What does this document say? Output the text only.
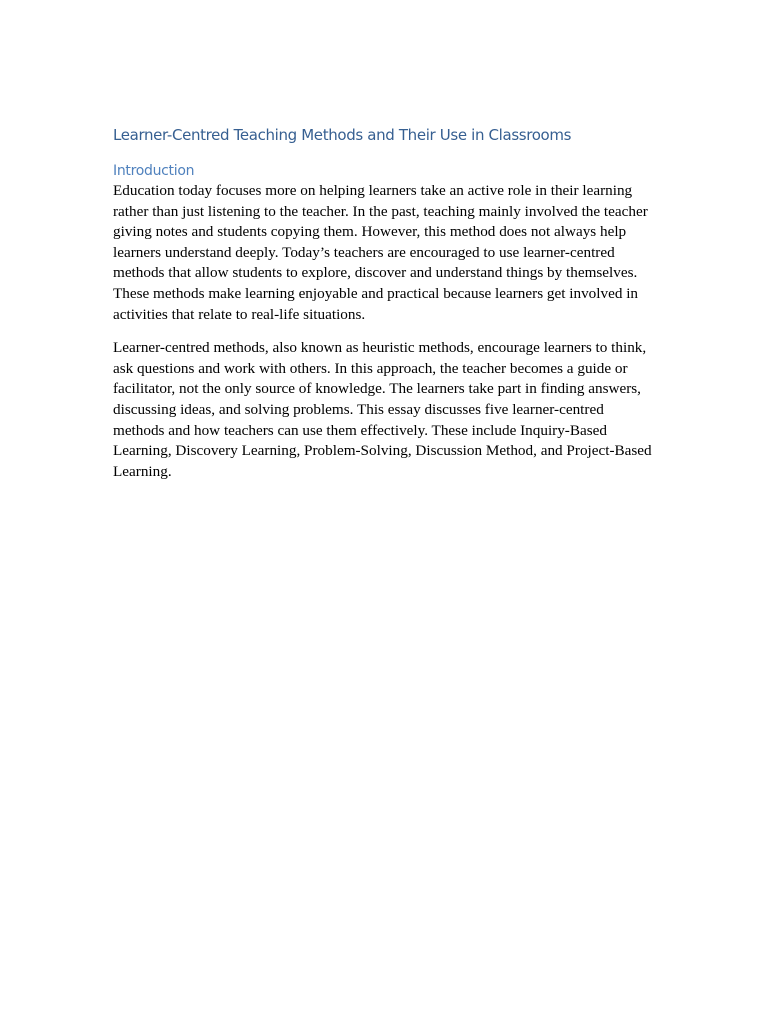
Learner-Centred Teaching Methods and Their Use in Classrooms
Introduction

Education today focuses more on helping learners take an active role in their learning rather than just listening to the teacher. In the past, teaching mainly involved the teacher giving notes and students copying them. However, this method does not always help learners understand deeply. Today’s teachers are encouraged to use learner-centred methods that allow students to explore, discover and understand things by themselves. These methods make learning enjoyable and practical because learners get involved in activities that relate to real-life situations.

Learner-centred methods, also known as heuristic methods, encourage learners to think, ask questions and work with others. In this approach, the teacher becomes a guide or facilitator, not the only source of knowledge. The learners take part in finding answers, discussing ideas, and solving problems. This essay discusses five learner-centred methods and how teachers can use them effectively. These include Inquiry-Based Learning, Discovery Learning, Problem-Solving, Discussion Method, and Project-Based Learning.
